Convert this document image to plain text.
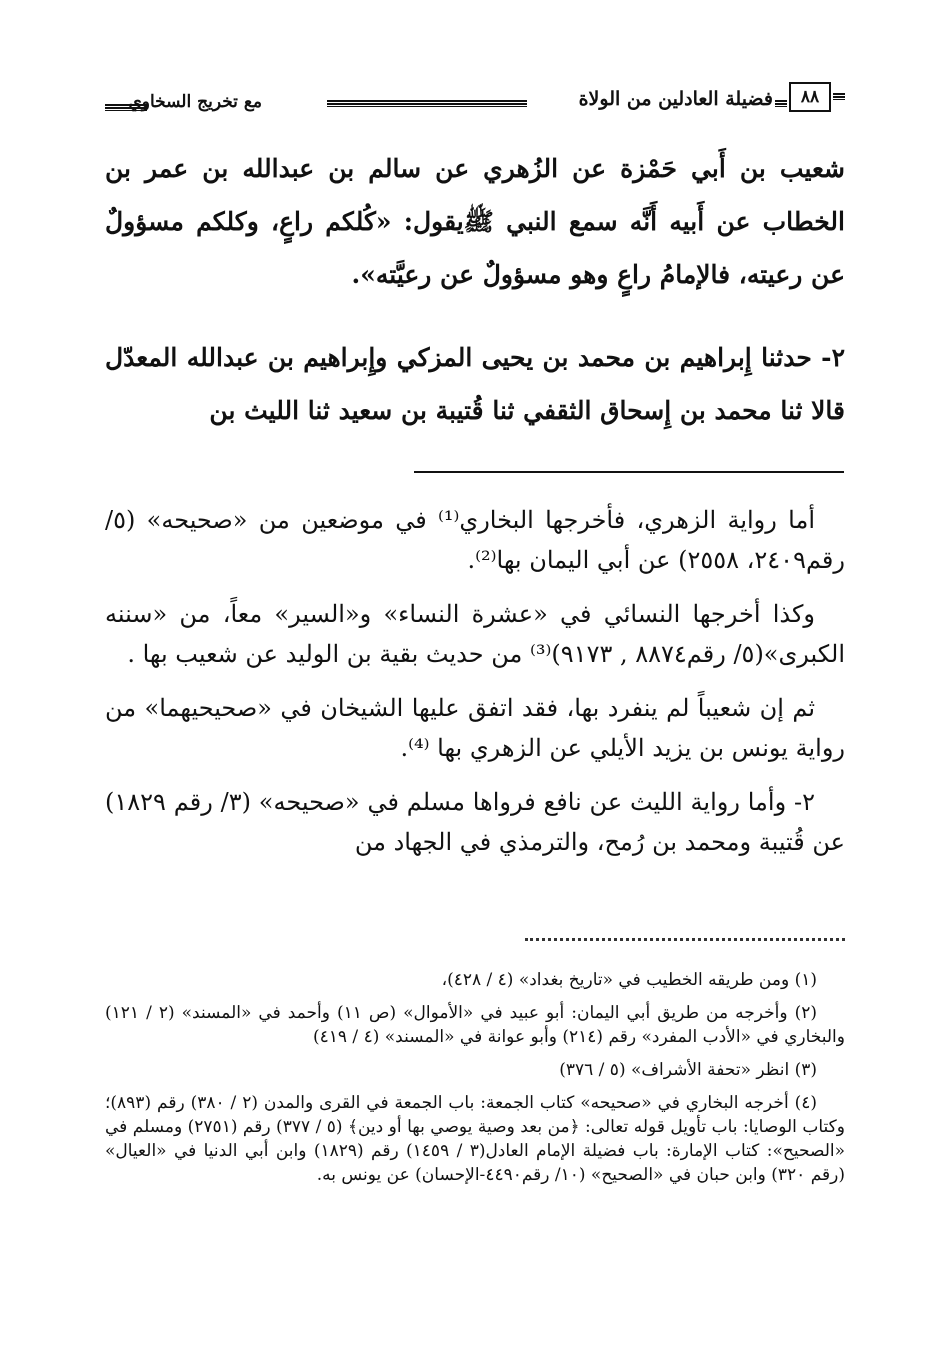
مع تخريج السخاوي	فضيلة العادلين من الولاة	٨٨

شعيب بن أَبي حَمْزة عن الزُهري عن سالم بن عبدالله بن عمر بن الخطاب عن أَبيه أَنَّه سمع النبي ﷺيقول: «كُلكم راعٍ، وكلكم مسؤولٌ عن رعيته، فالإمامُ راعٍ وهو مسؤولٌ عن رعيَّته».

٢- حدثنا إِبراهيم بن محمد بن يحيى المزكي وإِبراهيم بن عبدالله المعدّل قالا ثنا محمد بن إِسحاق الثقفي ثنا قُتيبة بن سعيد ثنا الليث بن

أما رواية الزهري، فأخرجها البخاري⁽¹⁾ في موضعين من «صحيحه» (٥/ رقم٢٤٠٩، ٢٥٥٨) عن أبي اليمان بها⁽²⁾.

وكذا أخرجها النسائي في «عشرة النساء» و«السير» معاً، من «سننه الكبرى»(٥/ رقم٨٨٧٤ , ٩١٧٣)⁽³⁾ من حديث بقية بن الوليد عن شعيب بها .

ثم إن شعيباً لم ينفرد بها، فقد اتفق عليها الشيخان في «صحيحيهما» من رواية يونس بن يزيد الأيلي عن الزهري بها ⁽⁴⁾.

٢- وأما رواية الليث عن نافع فرواها مسلم في «صحيحه» (٣/ رقم ١٨٢٩) عن قُتيبة ومحمد بن رُمح، والترمذي في الجهاد من

(١) ومن طريقه الخطيب في «تاريخ بغداد» (٤ / ٤٢٨)،

(٢) وأخرجه من طريق أبي اليمان: أبو عبيد في «الأموال» (ص ١١) وأحمد في «المسند» (٢ / ١٢١) والبخاري في «الأدب المفرد» رقم (٢١٤) وأبو عوانة في «المسند» (٤ / ٤١٩)

(٣) انظر «تحفة الأشراف» (٥ / ٣٧٦)

(٤) أخرجه البخاري في «صحيحه» كتاب الجمعة: باب الجمعة في القرى والمدن (٢ / ٣٨٠) رقم (٨٩٣)؛ وكتاب الوصايا: باب تأويل قوله تعالى: ﴿من بعد وصية يوصي بها أو دين﴾ (٥ / ٣٧٧) رقم (٢٧٥١) ومسلم في «الصحيح»: كتاب الإمارة: باب فضيلة الإمام العادل(٣ / ١٤٥٩) رقم (١٨٢٩) وابن أبي الدنيا في «العيال» (رقم ٣٢٠) وابن حبان في «الصحيح» (١٠/ رقم٤٤٩٠-الإحسان) عن يونس به.
